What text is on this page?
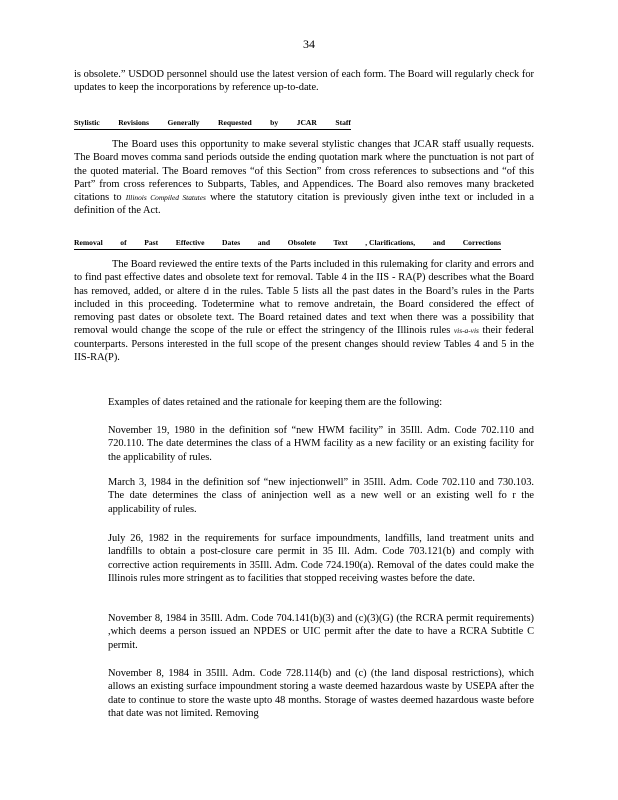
34

is obsolete.” USDOD personnel should use the latest version of each form. The Board will regularly check for updates to keep the incorporations by reference up-to-date.

Stylistic Revisions Generally Requested by JCAR Staff

The Board uses this opportunity to make several stylistic changes that JCAR staff usually requests. The Board moves comma sand periods outside the ending quotation mark where the punctuation is not part of the quoted material. The Board removes “of this Section” from cross references to subsections and “of this Part” from cross references to Subparts, Tables, and Appendices. The Board also removes many bracketed citations to Illinois Compiled Statutes where the statutory citation is previously given inthe text or included in a definition of the Act.

Removal of Past Effective Dates and Obsolete Text , Clarifications, and Corrections

The Board reviewed the entire texts of the Parts included in this rulemaking for clarity and errors and to find past effective dates and obsolete text for removal. Table 4 in the IIS - RA(P) describes what the Board has removed, added, or altere d in the rules. Table 5 lists all the past dates in the Board’s rules in the Parts included in this proceeding. Todetermine what to remove andretain, the Board considered the effect of removing past dates or obsolete text. The Board retained dates and text when there was a possibility that removal would change the scope of the rule or effect the stringency of the Illinois rules vis-a-vis their federal counterparts. Persons interested in the full scope of the present changes should review Tables 4 and 5 in the IIS-RA(P).

Examples of dates retained and the rationale for keeping them are the following:

November 19, 1980 in the definition sof “new HWM facility” in 35Ill. Adm. Code 702.110 and 720.110. The date determines the class of a HWM facility as a new facility or an existing facility for the applicability of rules.

March 3, 1984 in the definition sof “new injectionwell” in 35Ill. Adm. Code 702.110 and 730.103. The date determines the class of aninjection well as a new well or an existing well fo r the applicability of rules.

July 26, 1982 in the requirements for surface impoundments, landfills, land treatment units and landfills to obtain a post-closure care permit in 35 Ill. Adm. Code 703.121(b) and comply with corrective action requirements in 35Ill. Adm. Code 724.190(a). Removal of the dates could make the Illinois rules more stringent as to facilities that stopped receiving wastes before the date.

November 8, 1984 in 35Ill. Adm. Code 704.141(b)(3) and (c)(3)(G) (the RCRA permit requirements) ,which deems a person issued an NPDES or UIC permit after the date to have a RCRA Subtitle C permit.

November 8, 1984 in 35Ill. Adm. Code 728.114(b) and (c) (the land disposal restrictions), which allows an existing surface impoundment storing a waste deemed hazardous waste by USEPA after the date to continue to store the waste upto 48 months. Storage of wastes deemed hazardous waste before that date was not limited. Removing
